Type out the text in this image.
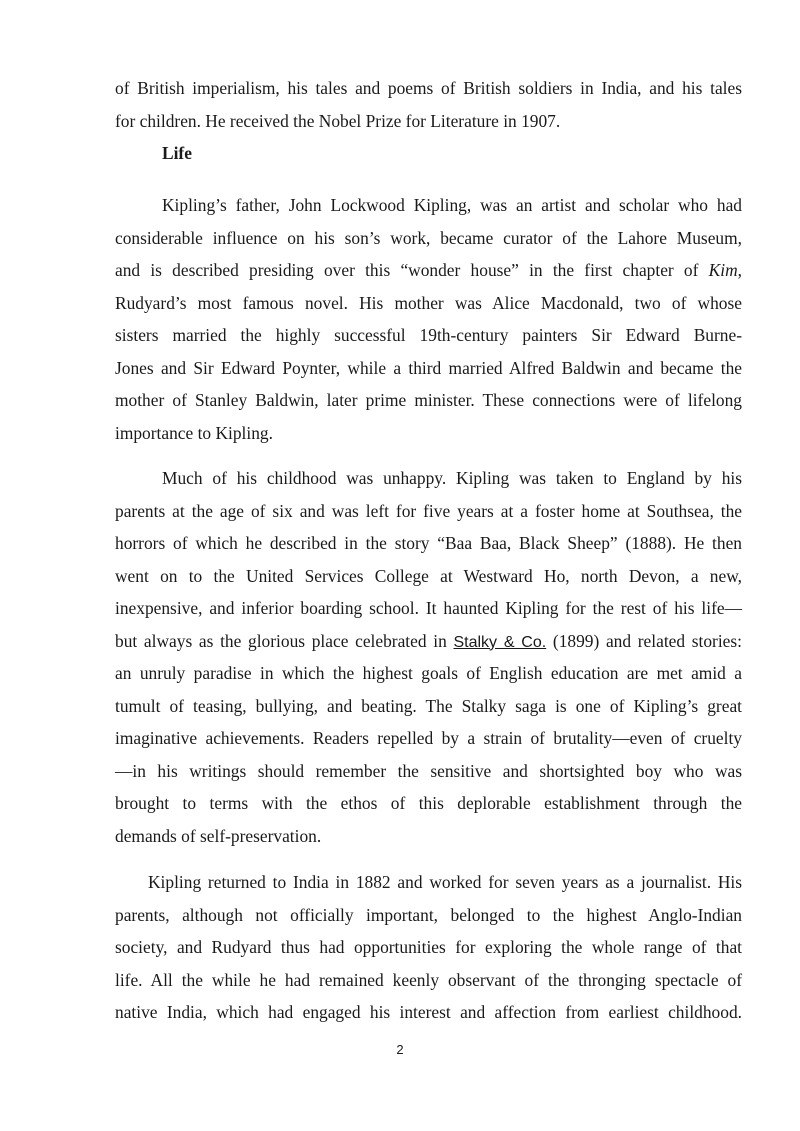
of British imperialism, his tales and poems of British soldiers in India, and his tales
for children. He received the Nobel Prize for Literature in 1907.

Life

Kipling’s father, John Lockwood Kipling, was an artist and scholar who had
considerable influence on his son’s work, became curator of the Lahore Museum,
and is described presiding over this “wonder house” in the first chapter of Kim,
Rudyard’s most famous novel. His mother was Alice Macdonald, two of whose
sisters married the highly successful 19th-century painters Sir Edward Burne-
Jones and Sir Edward Poynter, while a third married Alfred Baldwin and became the
mother of Stanley Baldwin, later prime minister. These connections were of lifelong
importance to Kipling.

Much of his childhood was unhappy. Kipling was taken to England by his
parents at the age of six and was left for five years at a foster home at Southsea, the
horrors of which he described in the story “Baa Baa, Black Sheep” (1888). He then
went on to the United Services College at Westward Ho, north Devon, a new,
inexpensive, and inferior boarding school. It haunted Kipling for the rest of his life—
but always as the glorious place celebrated in Stalky & Co. (1899) and related stories:
an unruly paradise in which the highest goals of English education are met amid a
tumult of teasing, bullying, and beating. The Stalky saga is one of Kipling’s great
imaginative achievements. Readers repelled by a strain of brutality—even of cruelty
—in his writings should remember the sensitive and shortsighted boy who was
brought to terms with the ethos of this deplorable establishment through the
demands of self-preservation.

Kipling returned to India in 1882 and worked for seven years as a journalist. His
parents, although not officially important, belonged to the highest Anglo-Indian
society, and Rudyard thus had opportunities for exploring the whole range of that
life. All the while he had remained keenly observant of the thronging spectacle of
native India, which had engaged his interest and affection from earliest childhood.

2
